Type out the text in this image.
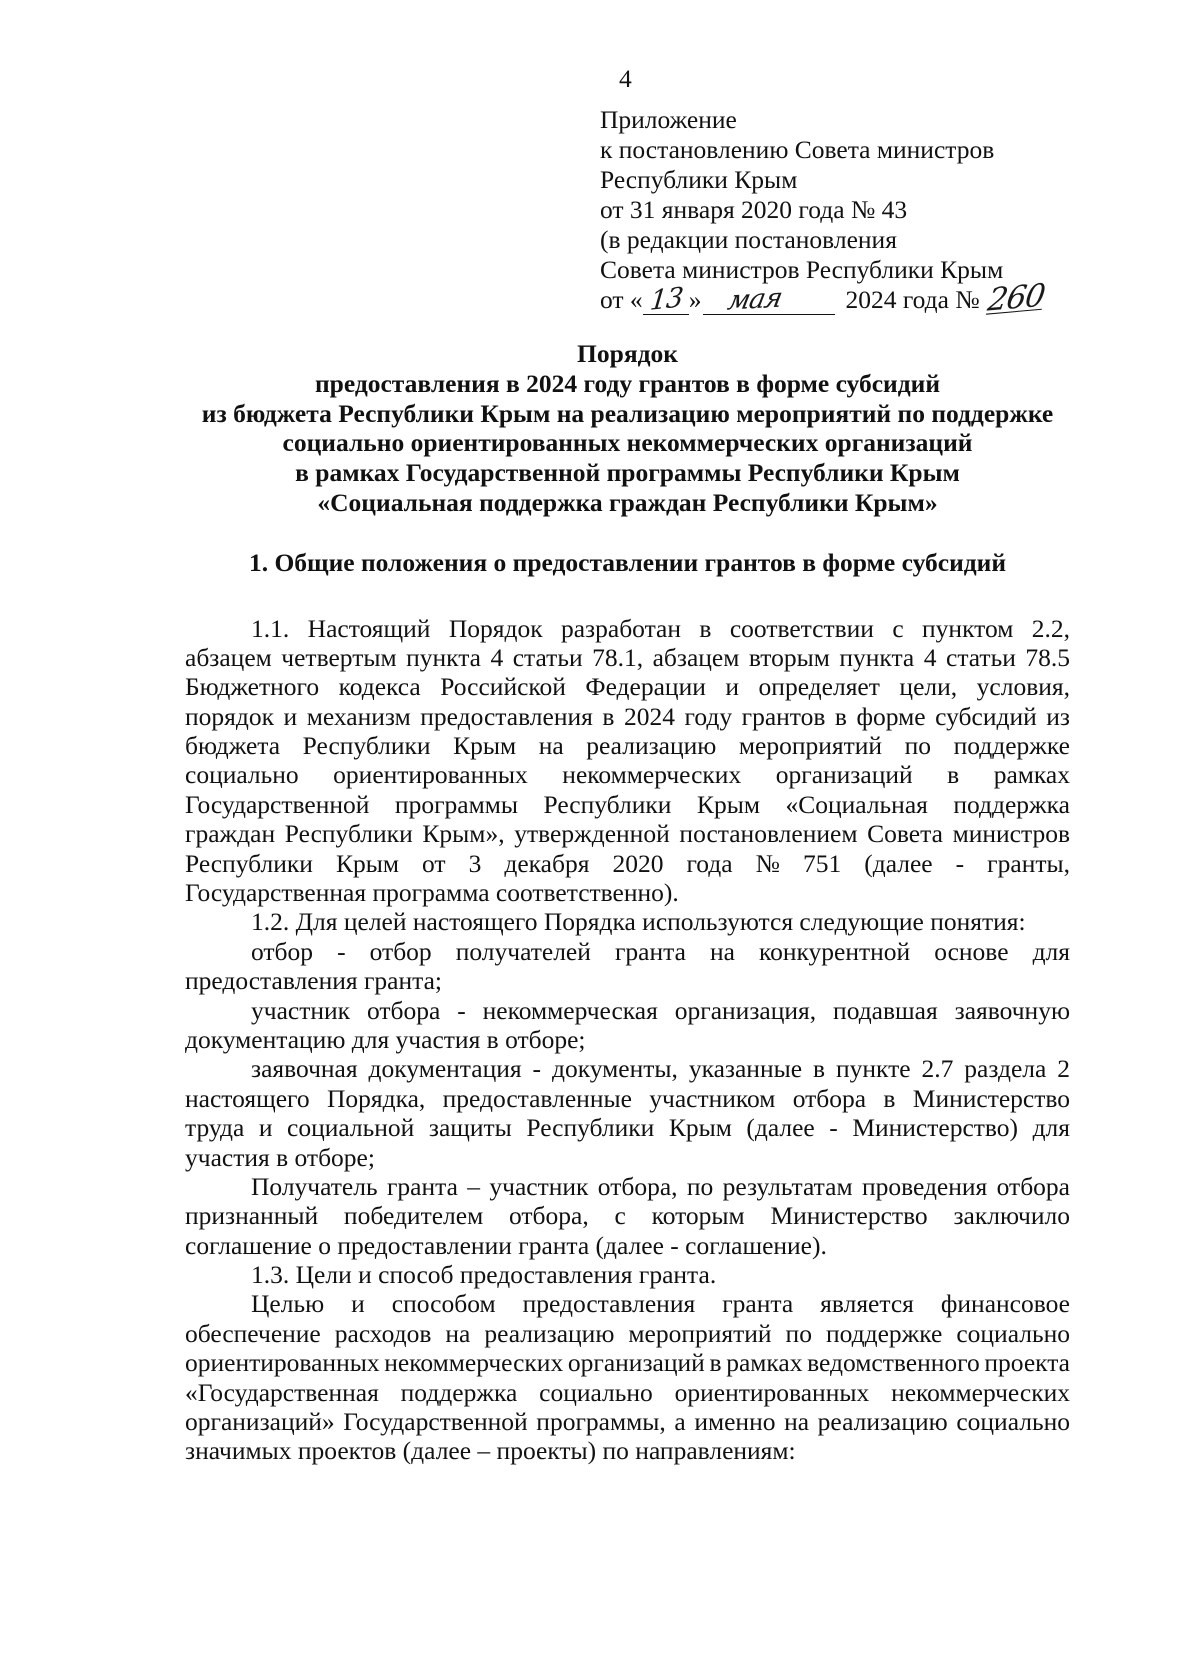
4
Приложение
к постановлению Совета министров
Республики Крым
от 31 января 2020 года № 43
(в редакции постановления
Совета министров Республики Крым
от « 13 » мая	2024 года № 260
Порядок
предоставления в 2024 году грантов в форме субсидий
из бюджета Республики Крым на реализацию мероприятий по поддержке
социально ориентированных некоммерческих организаций
в рамках Государственной программы Республики Крым
«Социальная поддержка граждан Республики Крым»
1. Общие положения о предоставлении грантов в форме субсидий
1.1. Настоящий Порядок разработан в соответствии с пунктом 2.2,
абзацем четвертым пункта 4 статьи 78.1, абзацем вторым пункта 4 статьи 78.5
Бюджетного кодекса Российской Федерации и определяет цели, условия,
порядок и механизм предоставления в 2024 году грантов в форме субсидий из
бюджета Республики Крым на реализацию мероприятий по поддержке
социально ориентированных некоммерческих организаций в рамках
Государственной программы Республики Крым «Социальная поддержка
граждан Республики Крым», утвержденной постановлением Совета министров
Республики Крым от 3 декабря 2020 года № 751 (далее - гранты,
Государственная программа соответственно).
1.2. Для целей настоящего Порядка используются следующие понятия:
отбор - отбор получателей гранта на конкурентной основе для
предоставления гранта;
участник отбора - некоммерческая организация, подавшая заявочную
документацию для участия в отборе;
заявочная документация - документы, указанные в пункте 2.7 раздела 2
настоящего Порядка, предоставленные участником отбора в Министерство
труда и социальной защиты Республики Крым (далее - Министерство) для
участия в отборе;
Получатель гранта – участник отбора, по результатам проведения отбора
признанный победителем отбора, с которым Министерство заключило
соглашение о предоставлении гранта (далее - соглашение).
1.3. Цели и способ предоставления гранта.
Целью и способом предоставления гранта является финансовое
обеспечение расходов на реализацию мероприятий по поддержке социально
ориентированных некоммерческих организаций в рамках ведомственного проекта
«Государственная поддержка социально ориентированных некоммерческих
организаций» Государственной программы, а именно на реализацию социально
значимых проектов (далее – проекты) по направлениям:
